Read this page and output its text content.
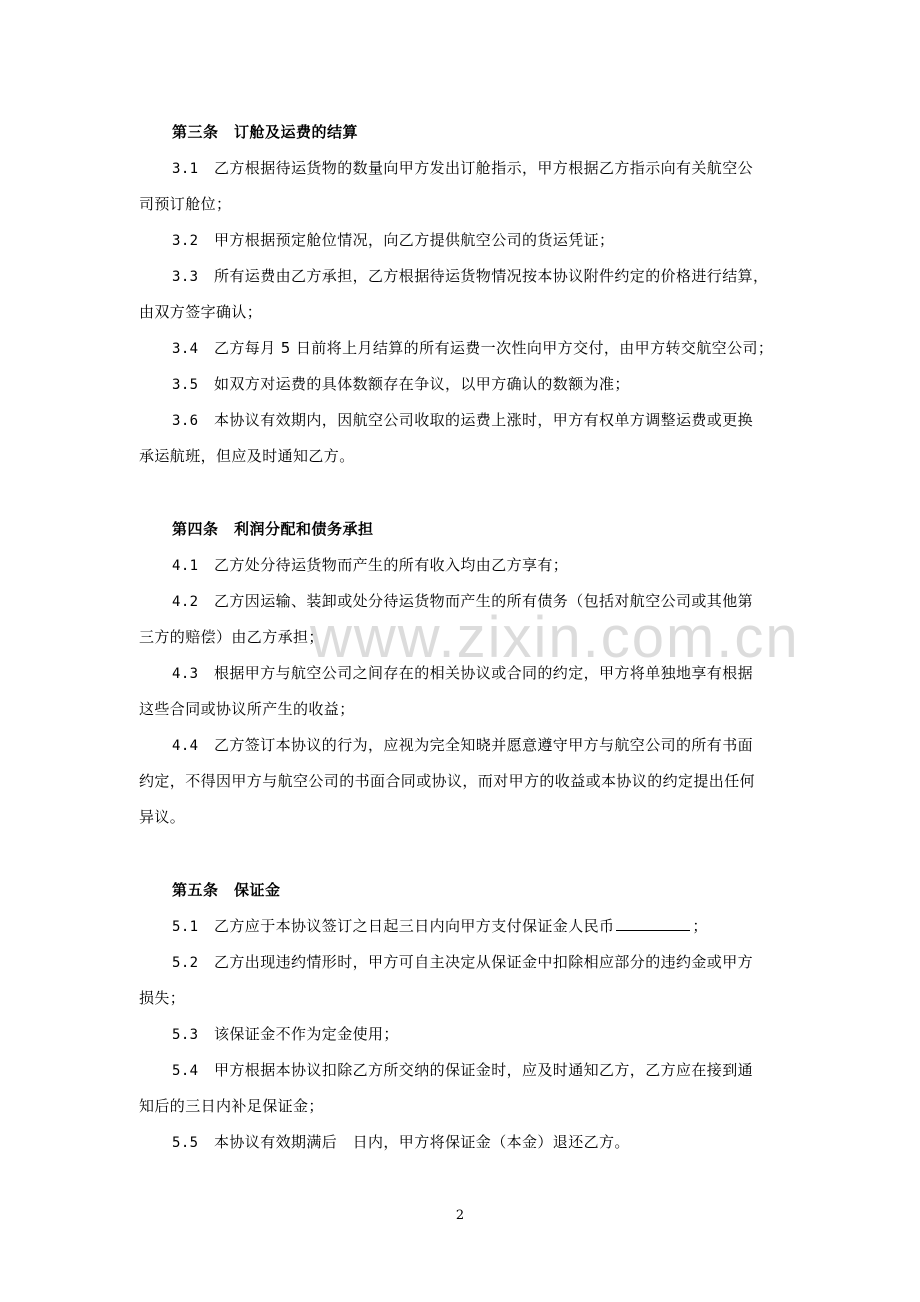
www.zixin.com.cn
第三条　订舱及运费的结算
3.1 乙方根据待运货物的数量向甲方发出订舱指示，甲方根据乙方指示向有关航空公
司预订舱位；
3.2 甲方根据预定舱位情况，向乙方提供航空公司的货运凭证；
3.3 所有运费由乙方承担，乙方根据待运货物情况按本协议附件约定的价格进行结算，
由双方签字确认；
3.4 乙方每月 5 日前将上月结算的所有运费一次性向甲方交付，由甲方转交航空公司；
3.5 如双方对运费的具体数额存在争议，以甲方确认的数额为准；
3.6 本协议有效期内，因航空公司收取的运费上涨时，甲方有权单方调整运费或更换
承运航班，但应及时通知乙方。
第四条　利润分配和债务承担
4.1 乙方处分待运货物而产生的所有收入均由乙方享有；
4.2 乙方因运输、装卸或处分待运货物而产生的所有债务（包括对航空公司或其他第
三方的赔偿）由乙方承担；
4.3 根据甲方与航空公司之间存在的相关协议或合同的约定，甲方将单独地享有根据
这些合同或协议所产生的收益；
4.4 乙方签订本协议的行为，应视为完全知晓并愿意遵守甲方与航空公司的所有书面
约定，不得因甲方与航空公司的书面合同或协议，而对甲方的收益或本协议的约定提出任何
异议。
第五条　保证金
5.1 乙方应于本协议签订之日起三日内向甲方支付保证金人民币	；
5.2 乙方出现违约情形时，甲方可自主决定从保证金中扣除相应部分的违约金或甲方
损失；
5.3 该保证金不作为定金使用；
5.4 甲方根据本协议扣除乙方所交纳的保证金时，应及时通知乙方，乙方应在接到通
知后的三日内补足保证金；
5.5 本协议有效期满后　日内，甲方将保证金（本金）退还乙方。
2
